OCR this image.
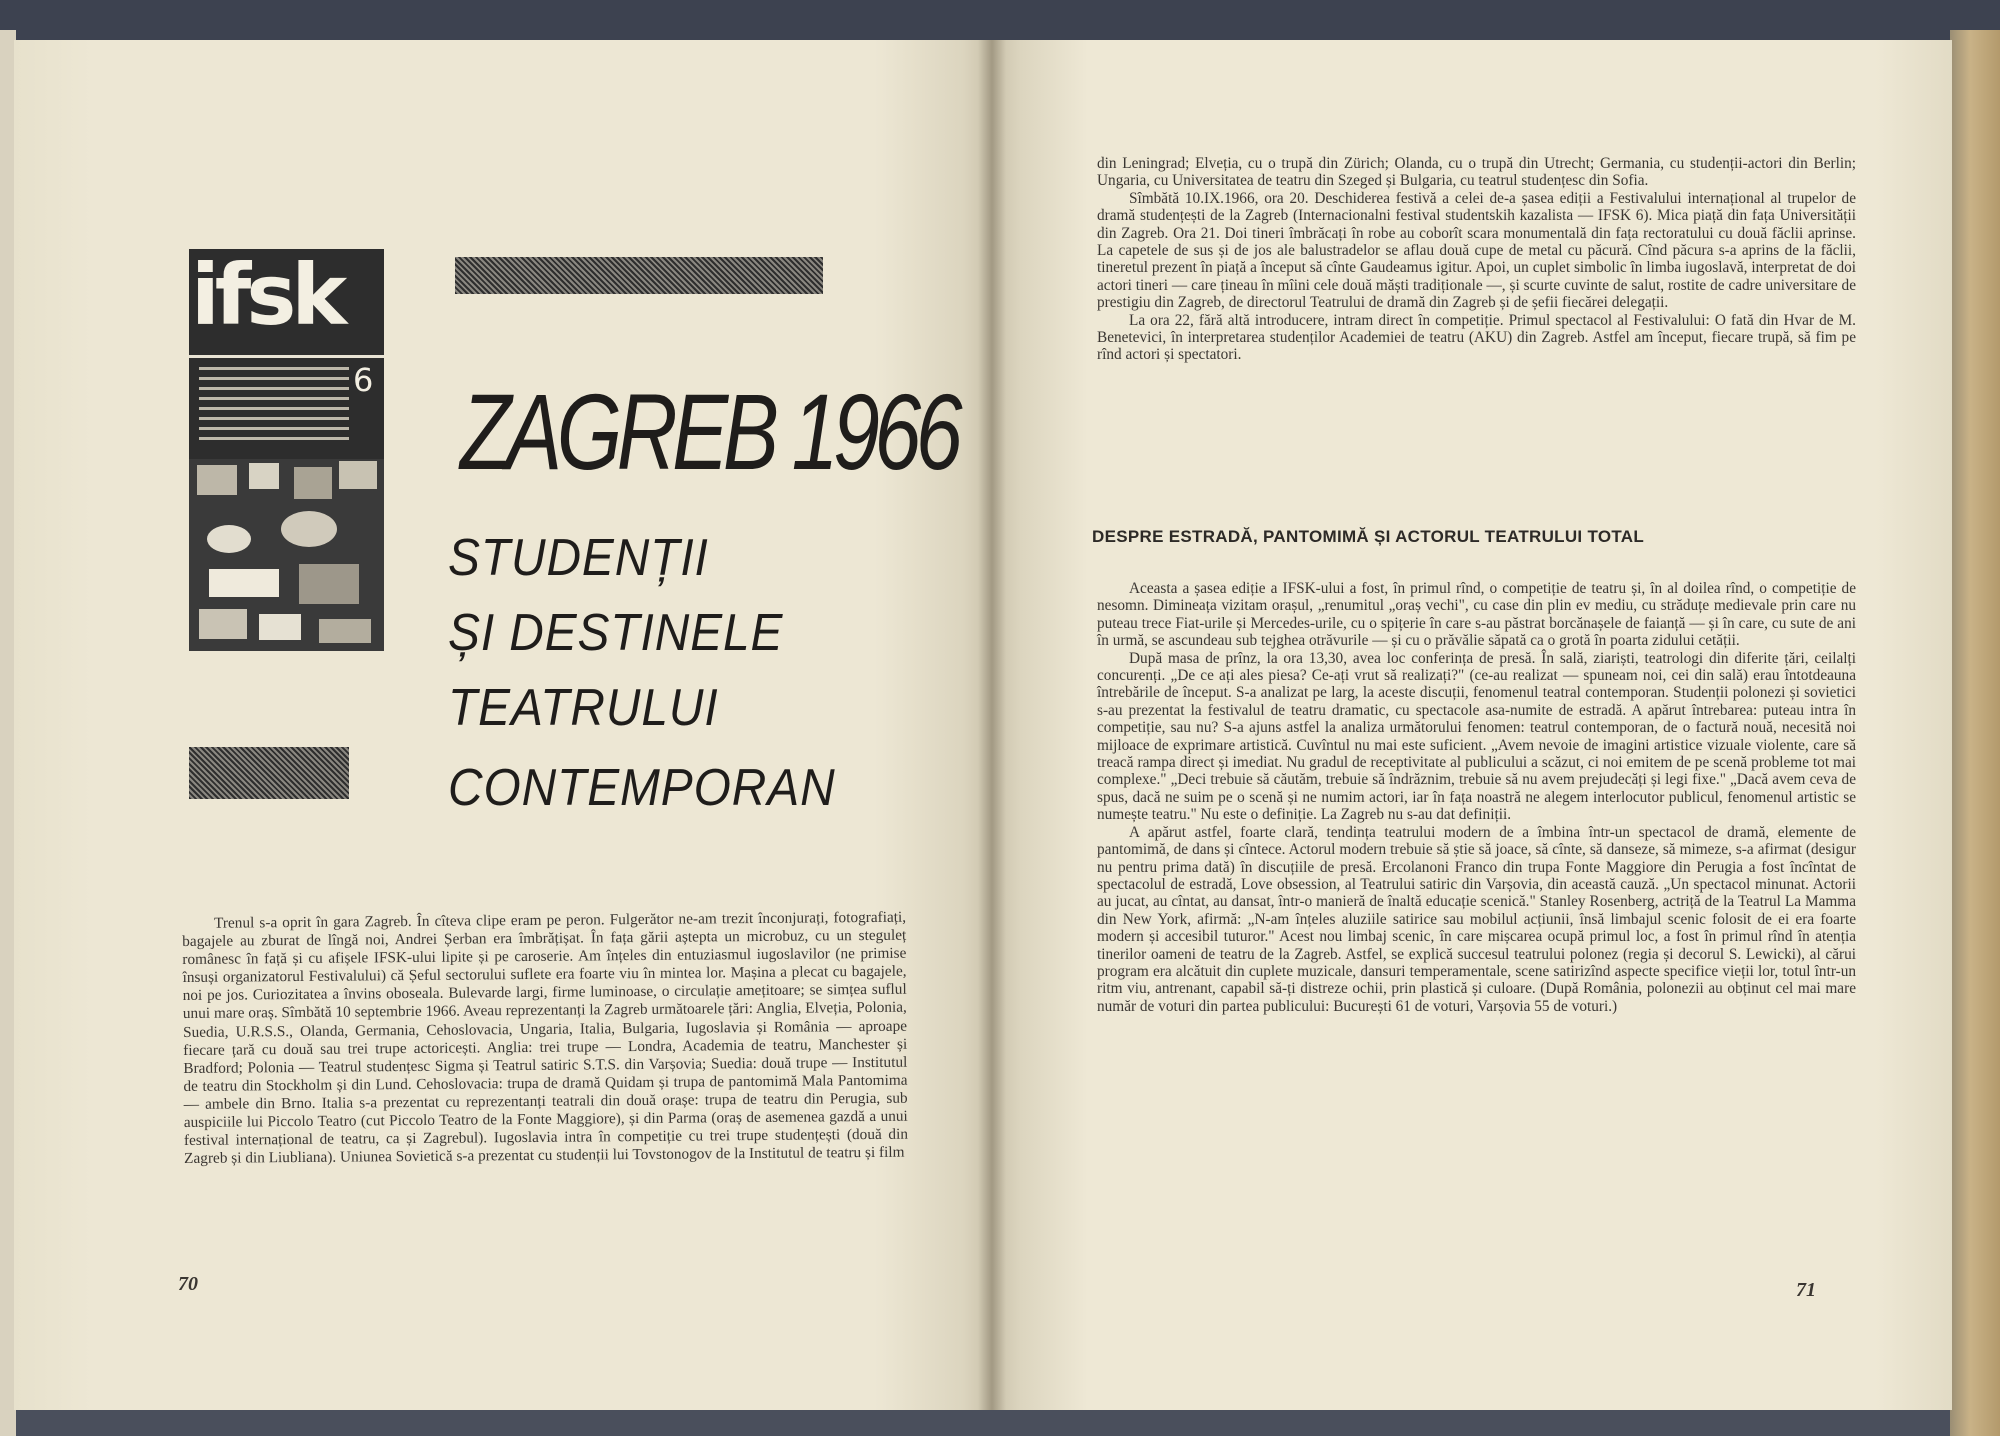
ifsk
6 ZAGREB 1966
STUDENȚII
ȘI DESTINELE
TEATRULUI
CONTEMPORAN

Trenul s-a oprit în gara Zagreb. În cîteva clipe eram pe peron. Fulgerător ne-am trezit înconjurați, fotografiați, bagajele au zburat de lîngă noi, Andrei Șerban era îmbrățișat. În fața gării aștepta un microbuz, cu un steguleț românesc în față și cu afișele IFSK-ului lipite și pe caroserie. Am înțeles din entuziasmul iugoslavilor (ne primise însuși organizatorul Festivalului) că Șeful sectorului suflete era foarte viu în mintea lor. Mașina a plecat cu bagajele, noi pe jos. Curiozitatea a învins oboseala. Bulevarde largi, firme luminoase, o circulație amețitoare; se simțea suflul unui mare oraș. Sîmbătă 10 septembrie 1966. Aveau reprezentanți la Zagreb următoarele țări: Anglia, Elveția, Polonia, Suedia, U.R.S.S., Olanda, Germania, Cehoslovacia, Ungaria, Italia, Bulgaria, Iugoslavia și România — aproape fiecare țară cu două sau trei trupe actoricești. Anglia: trei trupe — Londra, Academia de teatru, Manchester și Bradford; Polonia — Teatrul studențesc Sigma și Teatrul satiric S.T.S. din Varșovia; Suedia: două trupe — Institutul de teatru din Stockholm și din Lund. Cehoslovacia: trupa de dramă Quidam și trupa de pantomimă Mala Pantomima — ambele din Brno. Italia s-a prezentat cu reprezentanți teatrali din două orașe: trupa de teatru din Perugia, sub auspiciile lui Piccolo Teatro (cut Piccolo Teatro de la Fonte Maggiore), și din Parma (oraș de asemenea gazdă a unui festival internațional de teatru, ca și Zagrebul). Iugoslavia intra în competiție cu trei trupe studențești (două din Zagreb și din Liubliana). Uniunea Sovietică s-a prezentat cu studenții lui Tovstonogov de la Institutul de teatru și film

70

din Leningrad; Elveția, cu o trupă din Zürich; Olanda, cu o trupă din Utrecht; Germania, cu studenții-actori din Berlin; Ungaria, cu Universitatea de teatru din Szeged și Bulgaria, cu teatrul studențesc din Sofia.

Sîmbătă 10.IX.1966, ora 20. Deschiderea festivă a celei de-a șasea ediții a Festivalului internațional al trupelor de dramă studențești de la Zagreb (Internacionalni festival studentskih kazalista — IFSK 6). Mica piață din fața Universității din Zagreb. Ora 21. Doi tineri îmbrăcați în robe au coborît scara monumentală din fața rectoratului cu două făclii aprinse. La capetele de sus și de jos ale balustradelor se aflau două cupe de metal cu păcură. Cînd păcura s-a aprins de la făclii, tineretul prezent în piață a început să cînte Gaudeamus igitur. Apoi, un cuplet simbolic în limba iugoslavă, interpretat de doi actori tineri — care țineau în mîini cele două măști tradiționale —, și scurte cuvinte de salut, rostite de cadre universitare de prestigiu din Zagreb, de directorul Teatrului de dramă din Zagreb și de șefii fiecărei delegații.

La ora 22, fără altă introducere, intram direct în competiție. Primul spectacol al Festivalului: O fată din Hvar de M. Benetevici, în interpretarea studenților Academiei de teatru (AKU) din Zagreb. Astfel am început, fiecare trupă, să fim pe rînd actori și spectatori.

DESPRE ESTRADĂ, PANTOMIMĂ ȘI ACTORUL TEATRULUI TOTAL

Aceasta a șasea ediție a IFSK-ului a fost, în primul rînd, o competiție de teatru și, în al doilea rînd, o competiție de nesomn. Dimineața vizitam orașul, „renumitul „oraș vechi", cu case din plin ev mediu, cu străduțe medievale prin care nu puteau trece Fiat-urile și Mercedes-urile, cu o spițerie în care s-au păstrat borcănașele de faianță — și în care, cu sute de ani în urmă, se ascundeau sub tejghea otrăvurile — și cu o prăvălie săpată ca o grotă în poarta zidului cetății.

După masa de prînz, la ora 13,30, avea loc conferința de presă. În sală, ziariști, teatrologi din diferite țări, ceilalți concurenți. „De ce ați ales piesa? Ce-ați vrut să realizați?" (ce-au realizat — spuneam noi, cei din sală) erau întotdeauna întrebările de început. S-a analizat pe larg, la aceste discuții, fenomenul teatral contemporan. Studenții polonezi și sovietici s-au prezentat la festivalul de teatru dramatic, cu spectacole asa-numite de estradă. A apărut întrebarea: puteau intra în competiție, sau nu? S-a ajuns astfel la analiza următorului fenomen: teatrul contemporan, de o factură nouă, necesită noi mijloace de exprimare artistică. Cuvîntul nu mai este suficient. „Avem nevoie de imagini artistice vizuale violente, care să treacă rampa direct și imediat. Nu gradul de receptivitate al publicului a scăzut, ci noi emitem de pe scenă probleme tot mai complexe." „Deci trebuie să căutăm, trebuie să îndrăznim, trebuie să nu avem prejudecăți și legi fixe." „Dacă avem ceva de spus, dacă ne suim pe o scenă și ne numim actori, iar în fața noastră ne alegem interlocutor publicul, fenomenul artistic se numește teatru." Nu este o definiție. La Zagreb nu s-au dat definiții.

A apărut astfel, foarte clară, tendința teatrului modern de a îmbina într-un spectacol de dramă, elemente de pantomimă, de dans și cîntece. Actorul modern trebuie să știe să joace, să cînte, să danseze, să mimeze, s-a afirmat (desigur nu pentru prima dată) în discuțiile de presă. Ercolanoni Franco din trupa Fonte Maggiore din Perugia a fost încîntat de spectacolul de estradă, Love obsession, al Teatrului satiric din Varșovia, din această cauză. „Un spectacol minunat. Actorii au jucat, au cîntat, au dansat, într-o manieră de înaltă educație scenică." Stanley Rosenberg, actriță de la Teatrul La Mamma din New York, afirmă: „N-am înțeles aluziile satirice sau mobilul acțiunii, însă limbajul scenic folosit de ei era foarte modern și accesibil tuturor." Acest nou limbaj scenic, în care mișcarea ocupă primul loc, a fost în primul rînd în atenția tinerilor oameni de teatru de la Zagreb. Astfel, se explică succesul teatrului polonez (regia și decorul S. Lewicki), al cărui program era alcătuit din cuplete muzicale, dansuri temperamentale, scene satirizînd aspecte specifice vieții lor, totul într-un ritm viu, antrenant, capabil să-ți distreze ochii, prin plastică și culoare. (După România, polonezii au obținut cel mai mare număr de voturi din partea publicului: București 61 de voturi, Varșovia 55 de voturi.)

71
